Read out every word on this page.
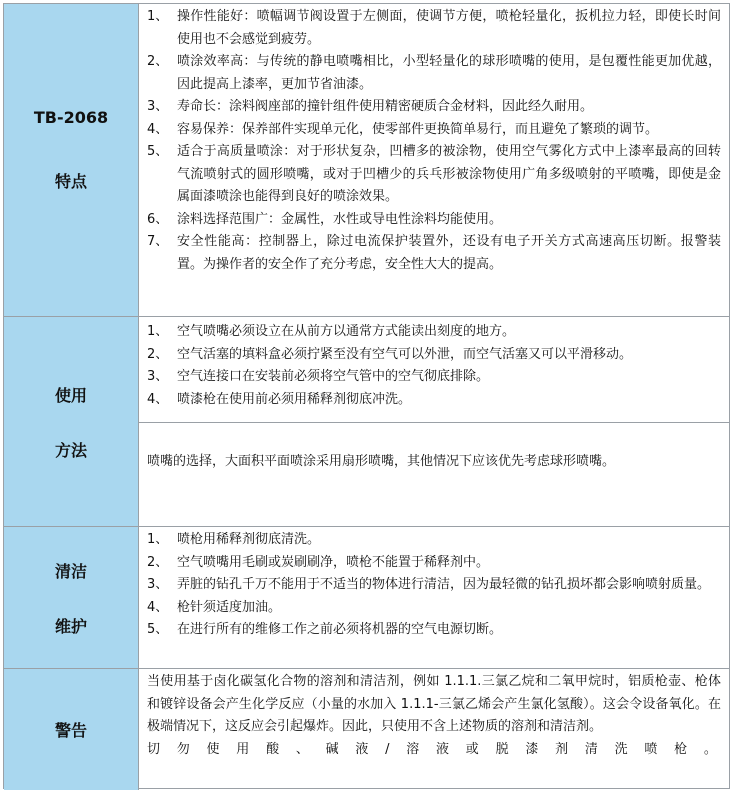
TB-2068
特点
1、 操作性能好：喷幅调节阀设置于左侧面，使调节方便，喷枪轻量化，扳机拉力轻，即使长时间使用也不会感觉到疲劳。
2、 喷涂效率高：与传统的静电喷嘴相比，小型轻量化的球形喷嘴的使用，是包覆性能更加优越，因此提高上漆率，更加节省油漆。
3、 寿命长：涂料阀座部的撞针组件使用精密硬质合金材料，因此经久耐用。
4、 容易保养：保养部件实现单元化，使零部件更换简单易行，而且避免了繁琐的调节。
5、 适合于高质量喷涂：对于形状复杂，凹槽多的被涂物，使用空气雾化方式中上漆率最高的回转气流喷射式的圆形喷嘴，或对于凹槽少的兵乓形被涂物使用广角多级喷射的平喷嘴，即使是金属面漆喷涂也能得到良好的喷涂效果。
6、 涂料选择范围广：金属性，水性或导电性涂料均能使用。
7、 安全性能高：控制器上，除过电流保护装置外，还设有电子开关方式高速高压切断。报警装置。为操作者的安全作了充分考虑，安全性大大的提高。
使用
方法
1、 空气喷嘴必须设立在从前方以通常方式能读出刻度的地方。
2、 空气活塞的填料盒必须拧紧至没有空气可以外泄，而空气活塞又可以平滑移动。
3、 空气连接口在安装前必须将空气管中的空气彻底排除。
4、 喷漆枪在使用前必须用稀释剂彻底冲洗。
喷嘴的选择，大面积平面喷涂采用扇形喷嘴，其他情况下应该优先考虑球形喷嘴。
清洁
维护
1、 喷枪用稀释剂彻底清洗。
2、 空气喷嘴用毛刷或炭刷刷净，喷枪不能置于稀释剂中。
3、 弄脏的钻孔千万不能用于不适当的物体进行清洁，因为最轻微的钻孔损坏都会影响喷射质量。
4、 枪针须适度加油。
5、 在进行所有的维修工作之前必须将机器的空气电源切断。
警告
当使用基于卤化碳氢化合物的溶剂和清洁剂，例如 1.1.1.三氯乙烷和二氧甲烷时，铝质枪壶、枪体和镀锌设备会产生化学反应（小量的水加入 1.1.1-三氯乙烯会产生氯化氢酸）。这会令设备氧化。在极端情况下，这反应会引起爆炸。因此，只使用不含上述物质的溶剂和清洁剂。
切 勿 使 用 酸 、 碱 液 / 溶 液 或 脱 漆 剂 清 洗 喷 枪 。
